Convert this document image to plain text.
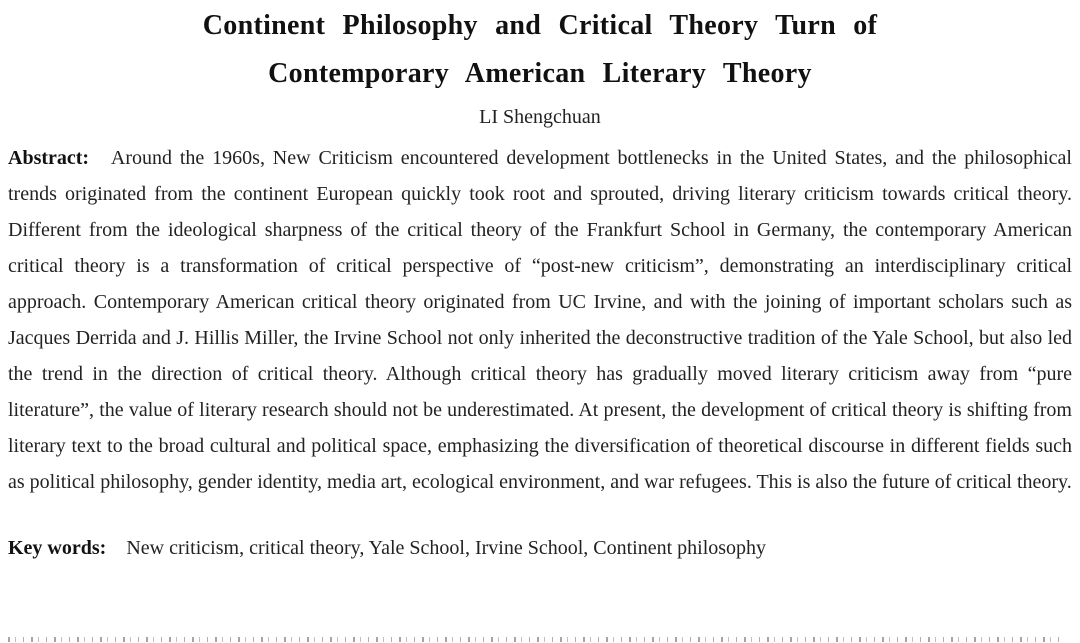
Continent Philosophy and Critical Theory Turn of
Contemporary American Literary Theory
LI Shengchuan

Abstract: Around the 1960s, New Criticism encountered development bottlenecks in the United States, and the philosophical trends originated from the continent European quickly took root and sprouted, driving literary criticism towards critical theory. Different from the ideological sharpness of the critical theory of the Frankfurt School in Germany, the contemporary American critical theory is a transformation of critical perspective of “post-new criticism”, demonstrating an interdisciplinary critical approach. Contemporary American critical theory originated from UC Irvine, and with the joining of important scholars such as Jacques Derrida and J. Hillis Miller, the Irvine School not only inherited the deconstructive tradition of the Yale School, but also led the trend in the direction of critical theory. Although critical theory has gradually moved literary criticism away from “pure literature”, the value of literary research should not be underestimated. At present, the development of critical theory is shifting from literary text to the broad cultural and political space, emphasizing the diversification of theoretical discourse in different fields such as political philosophy, gender identity, media art, ecological environment, and war refugees. This is also the future of critical theory.

Key words: New criticism, critical theory, Yale School, Irvine School, Continent philosophy
